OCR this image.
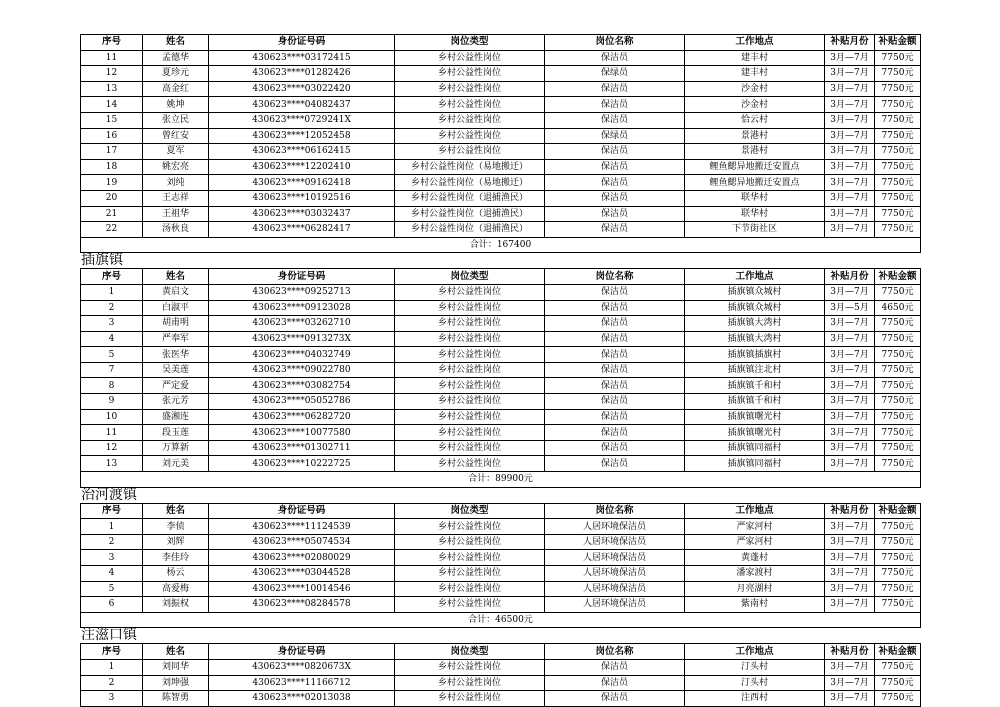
序号	姓名	身份证号码	岗位类型	岗位名称	工作地点	补贴月份	补贴金额
11	孟德华	430623****03172415	乡村公益性岗位	保洁员	建丰村	3月—7月	7750元
12	夏珍元	430623****01282426	乡村公益性岗位	保绿员	建丰村	3月—7月	7750元
13	高金红	430623****03022420	乡村公益性岗位	保洁员	沙金村	3月—7月	7750元
14	姚坤	430623****04082437	乡村公益性岗位	保洁员	沙金村	3月—7月	7750元
15	张立民	430623****0729241X	乡村公益性岗位	保洁员	恰云村	3月—7月	7750元
16	曾红安	430623****12052458	乡村公益性岗位	保绿员	景港村	3月—7月	7750元
17	夏军	430623****06162415	乡村公益性岗位	保洁员	景港村	3月—7月	7750元
18	姚宏亮	430623****12202410	乡村公益性岗位（易地搬迁）	保洁员	鲤鱼鳃异地搬迁安置点	3月—7月	7750元
19	刘纯	430623****09162418	乡村公益性岗位（易地搬迁）	保洁员	鲤鱼鳃异地搬迁安置点	3月—7月	7750元
20	王志祥	430623****10192516	乡村公益性岗位（退捕渔民）	保洁员	联华村	3月—7月	7750元
21	王祖华	430623****03032437	乡村公益性岗位（退捕渔民）	保洁员	联华村	3月—7月	7750元
22	汤秋良	430623****06282417	乡村公益性岗位（退捕渔民）	保洁员	下节街社区	3月—7月	7750元
合计：167400							
插旗镇
序号	姓名	身份证号码	岗位类型	岗位名称	工作地点	补贴月份	补贴金额
1	黄启文	430623****09252713	乡村公益性岗位	保洁员	插旗镇众城村	3月—7月	7750元
2	白淑平	430623****09123028	乡村公益性岗位	保洁员	插旗镇众城村	3月—5月	4650元
3	胡甫明	430623****03262710	乡村公益性岗位	保洁员	插旗镇大湾村	3月—7月	7750元
4	严奉军	430623****0913273X	乡村公益性岗位	保洁员	插旗镇大湾村	3月—7月	7750元
5	张医华	430623****04032749	乡村公益性岗位	保洁员	插旗镇插旗村	3月—7月	7750元
7	吴美莲	430623****09022780	乡村公益性岗位	保洁员	插旗镇注北村	3月—7月	7750元
8	严定爱	430623****03082754	乡村公益性岗位	保洁员	插旗镇千和村	3月—7月	7750元
9	张元芳	430623****05052786	乡村公益性岗位	保洁员	插旗镇千和村	3月—7月	7750元
10	盛湘连	430623****06282720	乡村公益性岗位	保洁员	插旗镇曙光村	3月—7月	7750元
11	段玉莲	430623****10077580	乡村公益性岗位	保洁员	插旗镇曙光村	3月—7月	7750元
12	万算新	430623****01302711	乡村公益性岗位	保洁员	插旗镇同福村	3月—7月	7750元
13	刘元美	430623****10222725	乡村公益性岗位	保洁员	插旗镇同福村	3月—7月	7750元
合计：89900元							
治河渡镇
序号	姓名	身份证号码	岗位类型	岗位名称	工作地点	补贴月份	补贴金额
1	李侦	430623****11124539	乡村公益性岗位	人居环境保洁员	严家河村	3月—7月	7750元
2	刘辉	430623****05074534	乡村公益性岗位	人居环境保洁员	严家河村	3月—7月	7750元
3	李佳玲	430623****02080029	乡村公益性岗位	人居环境保洁员	黄蓬村	3月—7月	7750元
4	杨云	430623****03044528	乡村公益性岗位	人居环境保洁员	潘家渡村	3月—7月	7750元
5	高爱梅	430623****10014546	乡村公益性岗位	人居环境保洁员	月亮湖村	3月—7月	7750元
6	刘振权	430623****08284578	乡村公益性岗位	人居环境保洁员	紫南村	3月—7月	7750元
合计：46500元							
注滋口镇
序号	姓名	身份证号码	岗位类型	岗位名称	工作地点	补贴月份	补贴金额
1	刘同华	430623****0820673X	乡村公益性岗位	保洁员	汀头村	3月—7月	7750元
2	刘坤强	430623****11166712	乡村公益性岗位	保洁员	汀头村	3月—7月	7750元
3	陈智勇	430623****02013038	乡村公益性岗位	保洁员	注西村	3月—7月	7750元
